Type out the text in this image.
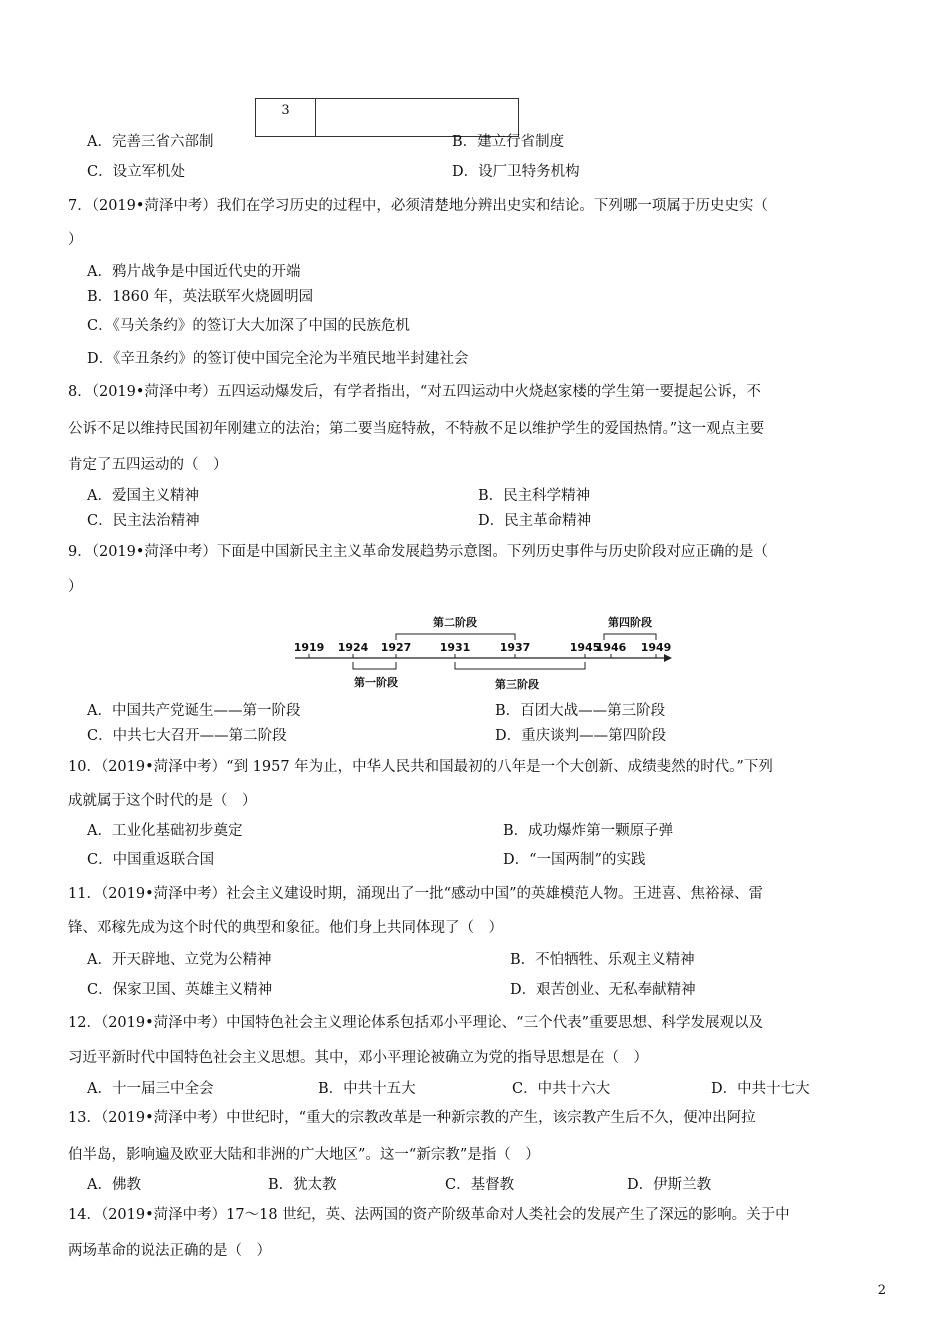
3	
A．完善三省六部制	B．建立行省制度
C．设立军机处	D．设厂卫特务机构
7．（2019•菏泽中考）我们在学习历史的过程中，必须清楚地分辨出史实和结论。下列哪一项属于历史史实（
）
A．鸦片战争是中国近代史的开端
B．1860 年，英法联军火烧圆明园
C．《马关条约》的签订大大加深了中国的民族危机
D．《辛丑条约》的签订使中国完全沦为半殖民地半封建社会
8．（2019•菏泽中考）五四运动爆发后，有学者指出，“对五四运动中火烧赵家楼的学生第一要提起公诉，不
公诉不足以维持民国初年刚建立的法治；第二要当庭特赦，不特赦不足以维护学生的爱国热情。”这一观点主要
肯定了五四运动的（　）
A．爱国主义精神	B．民主科学精神
C．民主法治精神	D．民主革命精神
9．（2019•菏泽中考）下面是中国新民主主义革命发展趋势示意图。下列历史事件与历史阶段对应正确的是（
）
1919 1924 1927	1931	1937	1945
1946 1949
第二阶段	第四阶段
第一阶段	第三阶段
A．中国共产党诞生——第一阶段	B．百团大战——第三阶段
C．中共七大召开——第二阶段	D．重庆谈判——第四阶段
10．（2019•菏泽中考）“到 1957 年为止，中华人民共和国最初的八年是一个大创新、成绩斐然的时代。”下列
成就属于这个时代的是（　）
A．工业化基础初步奠定	B．成功爆炸第一颗原子弹
C．中国重返联合国	D．“一国两制”的实践
11．（2019•菏泽中考）社会主义建设时期，涌现出了一批“感动中国”的英雄模范人物。王进喜、焦裕禄、雷
锋、邓稼先成为这个时代的典型和象征。他们身上共同体现了（　）
A．开天辟地、立党为公精神	B．不怕牺牲、乐观主义精神
C．保家卫国、英雄主义精神	D．艰苦创业、无私奉献精神
12．（2019•菏泽中考）中国特色社会主义理论体系包括邓小平理论、“三个代表”重要思想、科学发展观以及
习近平新时代中国特色社会主义思想。其中，邓小平理论被确立为党的指导思想是在（　）
A．十一届三中全会	B．中共十五大	C．中共十六大	D．中共十七大
13．（2019•菏泽中考）中世纪时，“重大的宗教改革是一种新宗教的产生，该宗教产生后不久，便冲出阿拉
伯半岛，影响遍及欧亚大陆和非洲的广大地区”。这一“新宗教”是指（　）
A．佛教	B．犹太教	C．基督教	D．伊斯兰教
14．（2019•菏泽中考）17～18 世纪，英、法两国的资产阶级革命对人类社会的发展产生了深远的影响。关于中
两场革命的说法正确的是（　）
2
